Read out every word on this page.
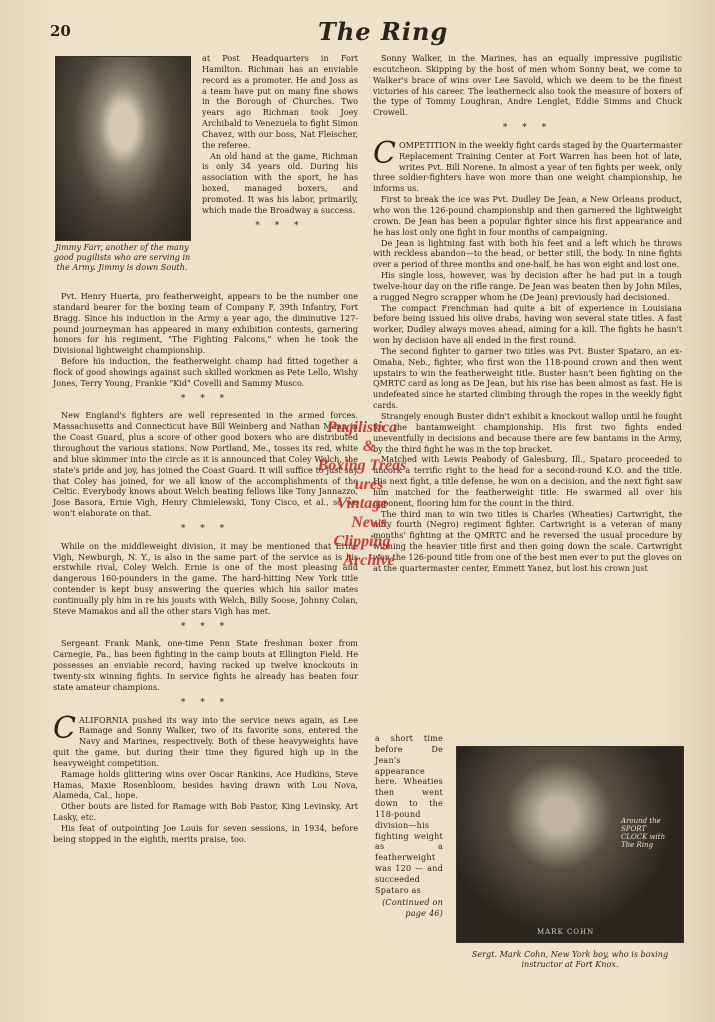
20	The Ring
Jimmy Farr, another of the many good pugilists who are serving in the Army. Jimmy is down South.

at Post Headquarters in Fort Hamilton. Richman has an enviable record as a promoter. He and Joss as a team have put on many fine shows in the Borough of Churches. Two years ago Richman took Joey Archibald to Venezuela to fight Simon Chavez, with our boss, Nat Fleischer, the referee.

An old hand at the game, Richman is only 34 years old. During his association with the sport, he has boxed, managed boxers, and promoted. It was his labor, primarily, which made the Broadway a success.

* * *

Pvt. Henry Huerta, pro featherweight, appears to be the number one standard bearer for the boxing team of Company F, 39th Infantry, Fort Bragg. Since his induction in the Army a year ago, the diminutive 127-pound journeyman has appeared in many exhibition contests, garnering honors for his regiment, "The Fighting Falcons," when he took the Divisional lightweight championship.

Before his induction, the featherweight champ had fitted together a flock of good showings against such skilled workmen as Pete Lello, Wishy Jones, Terry Young, Frankie "Kid" Covelli and Sammy Musco.

* * *

New England's fighters are well represented in the armed forces. Massachusetts and Connecticut have Bill Weinberg and Nathan Mann in the Coast Guard, plus a score of other good boxers who are distributed throughout the various stations. Now Portland, Me., tosses its red, white and blue skimmer into the circle as it is announced that Coley Welch, the state's pride and joy, has joined the Coast Guard. It will suffice to just say that Coley has joined, for we all know of the accomplishments of the Celtic. Everybody knows about Welch beating fellows like Tony Jannazzo, Jose Basora, Ernie Vigh, Henry Chmielewski, Tony Cisco, et al., so we won't elaborate on that.

* * *

While on the middleweight division, it may be mentioned that Ernie Vigh, Newburgh, N. Y., is also in the same part of the service as is his erstwhile rival, Coley Welch. Ernie is one of the most pleasing and dangerous 160-pounders in the game. The hard-hitting New York title contender is kept busy answering the queries which his sailor mates continually ply him in re his jousts with Welch, Billy Soose, Johnny Colan, Steve Mamakos and all the other stars Vigh has met.

* * *

Sergeant Frank Mank, one-time Penn State freshman boxer from Carnegie, Pa., has been fighting in the camp bouts at Ellington Field. He possesses an enviable record, having racked up twelve knockouts in twenty-six winning fights. In service fights he already has beaten four state amateur champions.

* * *

CALIFORNIA pushed its way into the service news again, as Lee Ramage and Sonny Walker, two of its favorite sons, entered the Navy and Marines, respectively. Both of these heavyweights have quit the game, but during their time they figured high up in the heavyweight competition.

Ramage holds glittering wins over Oscar Rankins, Ace Hudkins, Steve Hamas, Maxie Rosenbloom, besides having drawn with Lou Nova, Alameda, Cal., hope.

Other bouts are listed for Ramage with Bob Pastor, King Levinsky, Art Lasky, etc.

His feat of outpointing Joe Louis for seven sessions, in 1934, before being stopped in the eighth, merits praise, too.

Sonny Walker, in the Marines, has an equally impressive pugilistic escutcheon. Skipping by the host of men whom Sonny beat, we come to Walker's brace of wins over Lee Savold, which we deem to be the finest victories of his career. The leatherneck also took the measure of boxers of the type of Tommy Loughran, Andre Lenglet, Eddie Simms and Chuck Crowell.

* * *

COMPETITION in the weekly fight cards staged by the Quartermaster Replacement Training Center at Fort Warren has been hot of late, writes Pvt. Bill Norene. In almost a year of ten fights per week, only three soldier-fighters have won more than one weight championship, he informs us.

First to break the ice was Pvt. Dudley De Jean, a New Orleans product, who won the 126-pound championship and then garnered the lightweight crown. De Jean has been a popular fighter since his first appearance and he has lost only one fight in four months of campaigning.

De Jean is lightning fast with both his feet and a left which he throws with reckless abandon—to the head, or better still, the body. In nine fights over a period of three months and one-half, he has won eight and lost one.

His single loss, however, was by decision after he had put in a tough twelve-hour day on the rifle range. De Jean was beaten then by John Miles, a rugged Negro scrapper whom he (De Jean) previously had decisioned.

The compact Frenchman had quite a bit of experience in Louisiana before being issued his olive drabs, having won several state titles. A fast worker, Dudley always moves ahead, aiming for a kill. The fights he hasn't won by decision have all ended in the first round.

The second fighter to garner two titles was Pvt. Buster Spataro, an ex-Omaha, Neb., fighter, who first won the 118-pound crown and then went upstairs to win the featherweight title. Buster hasn't been fighting on the QMRTC card as long as De Jean, but his rise has been almost as fast. He is undefeated since he started climbing through the ropes in the weekly fight cards.

Strangely enough Buster didn't exhibit a knockout wallop until he fought for the bantamweight championship. His first two fights ended uneventfully in decisions and because there are few bantams in the Army, by the third fight he was in the top bracket.

Matched with Lewis Peabody of Galesburg, Ill., Spataro proceeded to uncork a terrific right to the head for a second-round K.O. and the title. His next fight, a title defense, he won on a decision, and the next fight saw him matched for the featherweight title. He swarmed all over his opponent, flooring him for the count in the third.

The third man to win two titles is Charles (Wheaties) Cartwright, the nifty fourth (Negro) regiment fighter. Cartwright is a veteran of many months' fighting at the QMRTC and he reversed the usual procedure by winning the heavier title first and then going down the scale. Cartwright won the 126-pound title from one of the best men ever to put the gloves on at the quartermaster center, Emmett Yanez, but lost his crown just

a short time before De Jean's appearance here. Wheaties then went down to the 118-pound division—his fighting weight as a featherweight was 120 — and succeeded Spataro as

(Continued on page 46)
Around the SPORT CLOCK with The Ring
MARK COHN
Sergt. Mark Cohn, New York boy, who is boxing instructor at Fort Knox.
Pugilistica
&
Boxing Treas
ures
Vintage
News
Clipping
Archive
